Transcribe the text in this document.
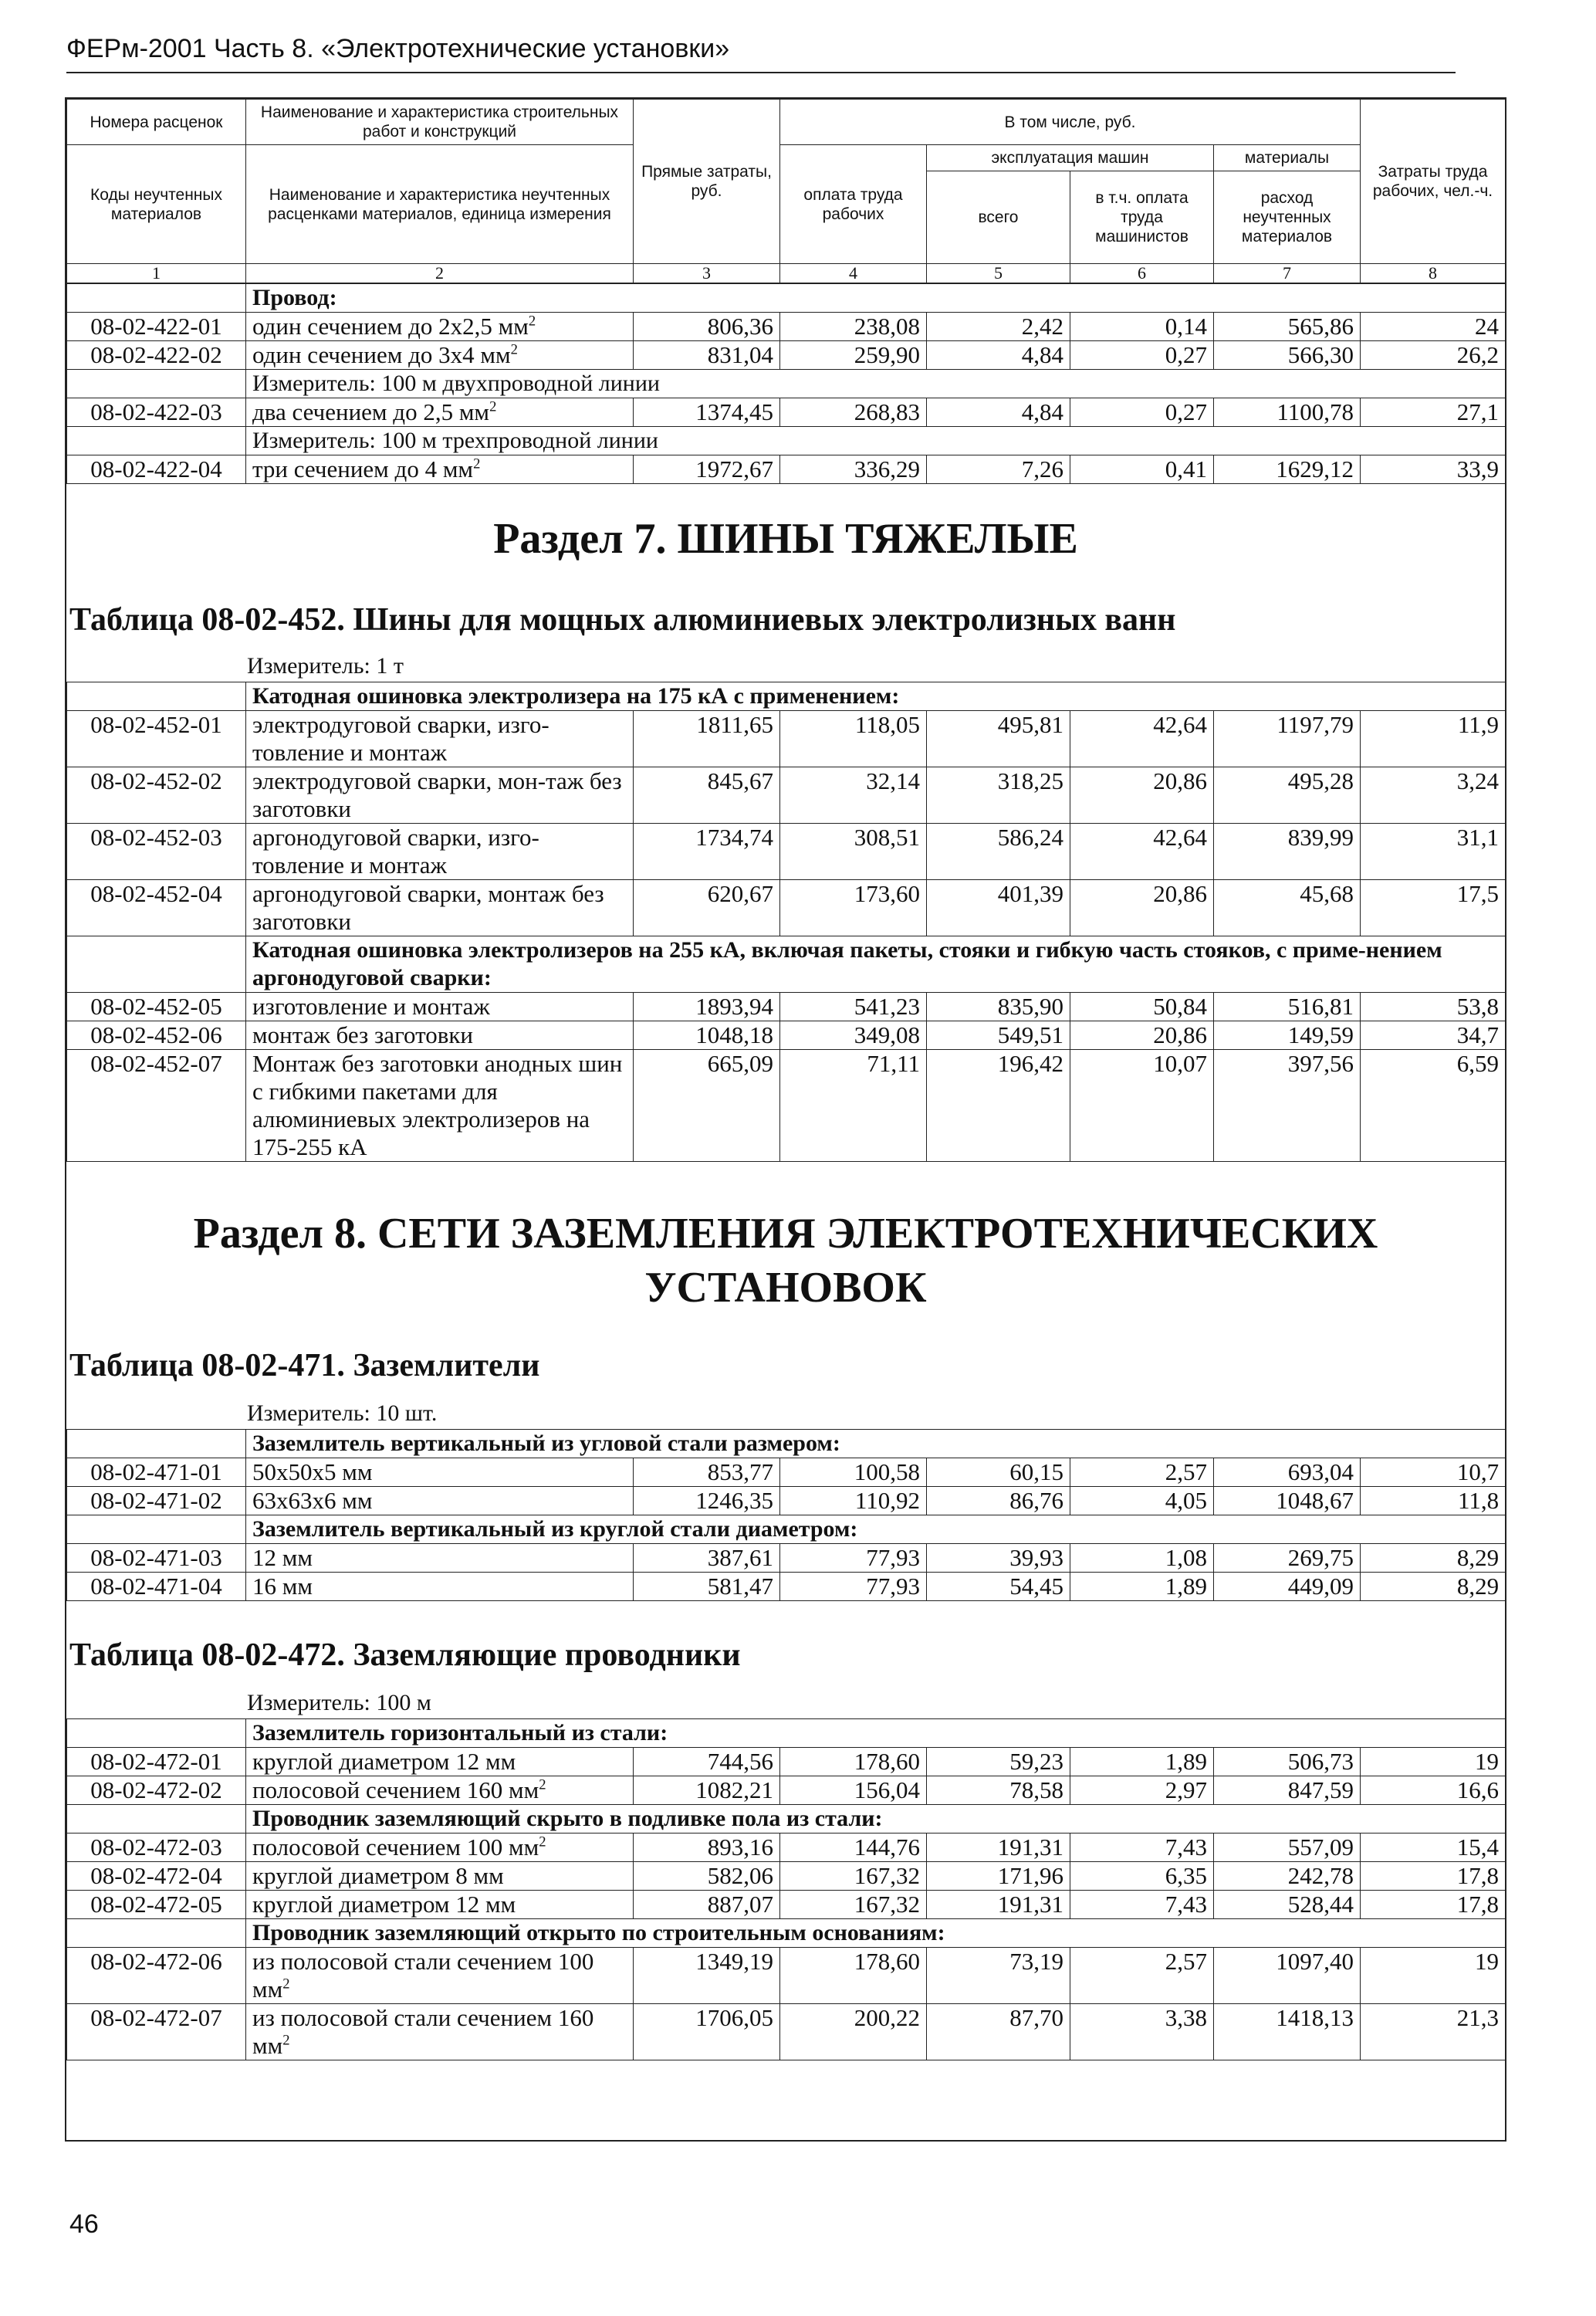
ФЕРм-2001 Часть 8. «Электротехнические установки»
Номера расценок	Наименование и характеристика строительных работ и конструкций	Прямые затраты, руб.	В том числе, руб.				Затраты труда рабочих, чел.-ч.
Коды неучтенных материалов	Наименование и характеристика неучтенных расценками материалов, единица измерения		оплата труда рабочих	эксплуатация машин		материалы	
				всего	в т.ч. оплата труда машинистов	расход неучтенных материалов	
1	2	3	4	5	6	7	8
	Провод:						
08-02-422-01	один сечением до 2х2,5 $мм^2$	806,36	238,08	2,42	0,14	565,86	24
08-02-422-02	один сечением до 3х4 $мм^2$	831,04	259,90	4,84	0,27	566,30	26,2
	Измеритель: 100 м двухпроводной линии						
08-02-422-03	два сечением до 2,5 $мм^2$	1374,45	268,83	4,84	0,27	1100,78	27,1
	Измеритель: 100 м трехпроводной линии						
08-02-422-04	три сечением до 4 $мм^2$	1972,67	336,29	7,26	0,41	1629,12	33,9
Раздел 7. ШИНЫ ТЯЖЕЛЫЕ
Таблица 08-02-452. Шины для мощных алюминиевых электролизных ванн
Измеритель: 1 т
	Катодная ошиновка электролизера на 175 кА с применением:						
08-02-452-01	электродуговой сварки, изго-товление и монтаж	1811,65	118,05	495,81	42,64	1197,79	11,9
08-02-452-02	электродуговой сварки, мон-таж без заготовки	845,67	32,14	318,25	20,86	495,28	3,24
08-02-452-03	аргонодуговой сварки, изго-товление и монтаж	1734,74	308,51	586,24	42,64	839,99	31,1
08-02-452-04	аргонодуговой сварки, монтаж без заготовки	620,67	173,60	401,39	20,86	45,68	17,5
	Катодная ошиновка электролизеров на 255 кА, включая пакеты, стояки и гибкую часть стояков, с приме-нением аргонодуговой сварки:						
08-02-452-05	изготовление и монтаж	1893,94	541,23	835,90	50,84	516,81	53,8
08-02-452-06	монтаж без заготовки	1048,18	349,08	549,51	20,86	149,59	34,7
08-02-452-07	Монтаж без заготовки анодных шин с гибкими пакетами для алюминиевых электролизеров на 175-255 кА	665,09	71,11	196,42	10,07	397,56	6,59
Раздел 8. СЕТИ ЗАЗЕМЛЕНИЯ ЭЛЕКТРОТЕХНИЧЕСКИХ УСТАНОВОК
Таблица 08-02-471. Заземлители
Измеритель: 10 шт.
	Заземлитель вертикальный из угловой стали размером:						
08-02-471-01	50х50х5 мм	853,77	100,58	60,15	2,57	693,04	10,7
08-02-471-02	63х63х6 мм	1246,35	110,92	86,76	4,05	1048,67	11,8
	Заземлитель вертикальный из круглой стали диаметром:						
08-02-471-03	12 мм	387,61	77,93	39,93	1,08	269,75	8,29
08-02-471-04	16 мм	581,47	77,93	54,45	1,89	449,09	8,29
Таблица 08-02-472. Заземляющие проводники
Измеритель: 100 м
	Заземлитель горизонтальный из стали:						
08-02-472-01	круглой диаметром 12 мм	744,56	178,60	59,23	1,89	506,73	19
08-02-472-02	полосовой сечением 160 $мм^2$	1082,21	156,04	78,58	2,97	847,59	16,6
	Проводник заземляющий скрыто в подливке пола из стали:						
08-02-472-03	полосовой сечением 100 $мм^2$	893,16	144,76	191,31	7,43	557,09	15,4
08-02-472-04	круглой диаметром 8 мм	582,06	167,32	171,96	6,35	242,78	17,8
08-02-472-05	круглой диаметром 12 мм	887,07	167,32	191,31	7,43	528,44	17,8
	Проводник заземляющий открыто по строительным основаниям:						
08-02-472-06	из полосовой стали сечением 100 $мм^2$	1349,19	178,60	73,19	2,57	1097,40	19
08-02-472-07	из полосовой стали сечением 160 $мм^2$	1706,05	200,22	87,70	3,38	1418,13	21,3
46
